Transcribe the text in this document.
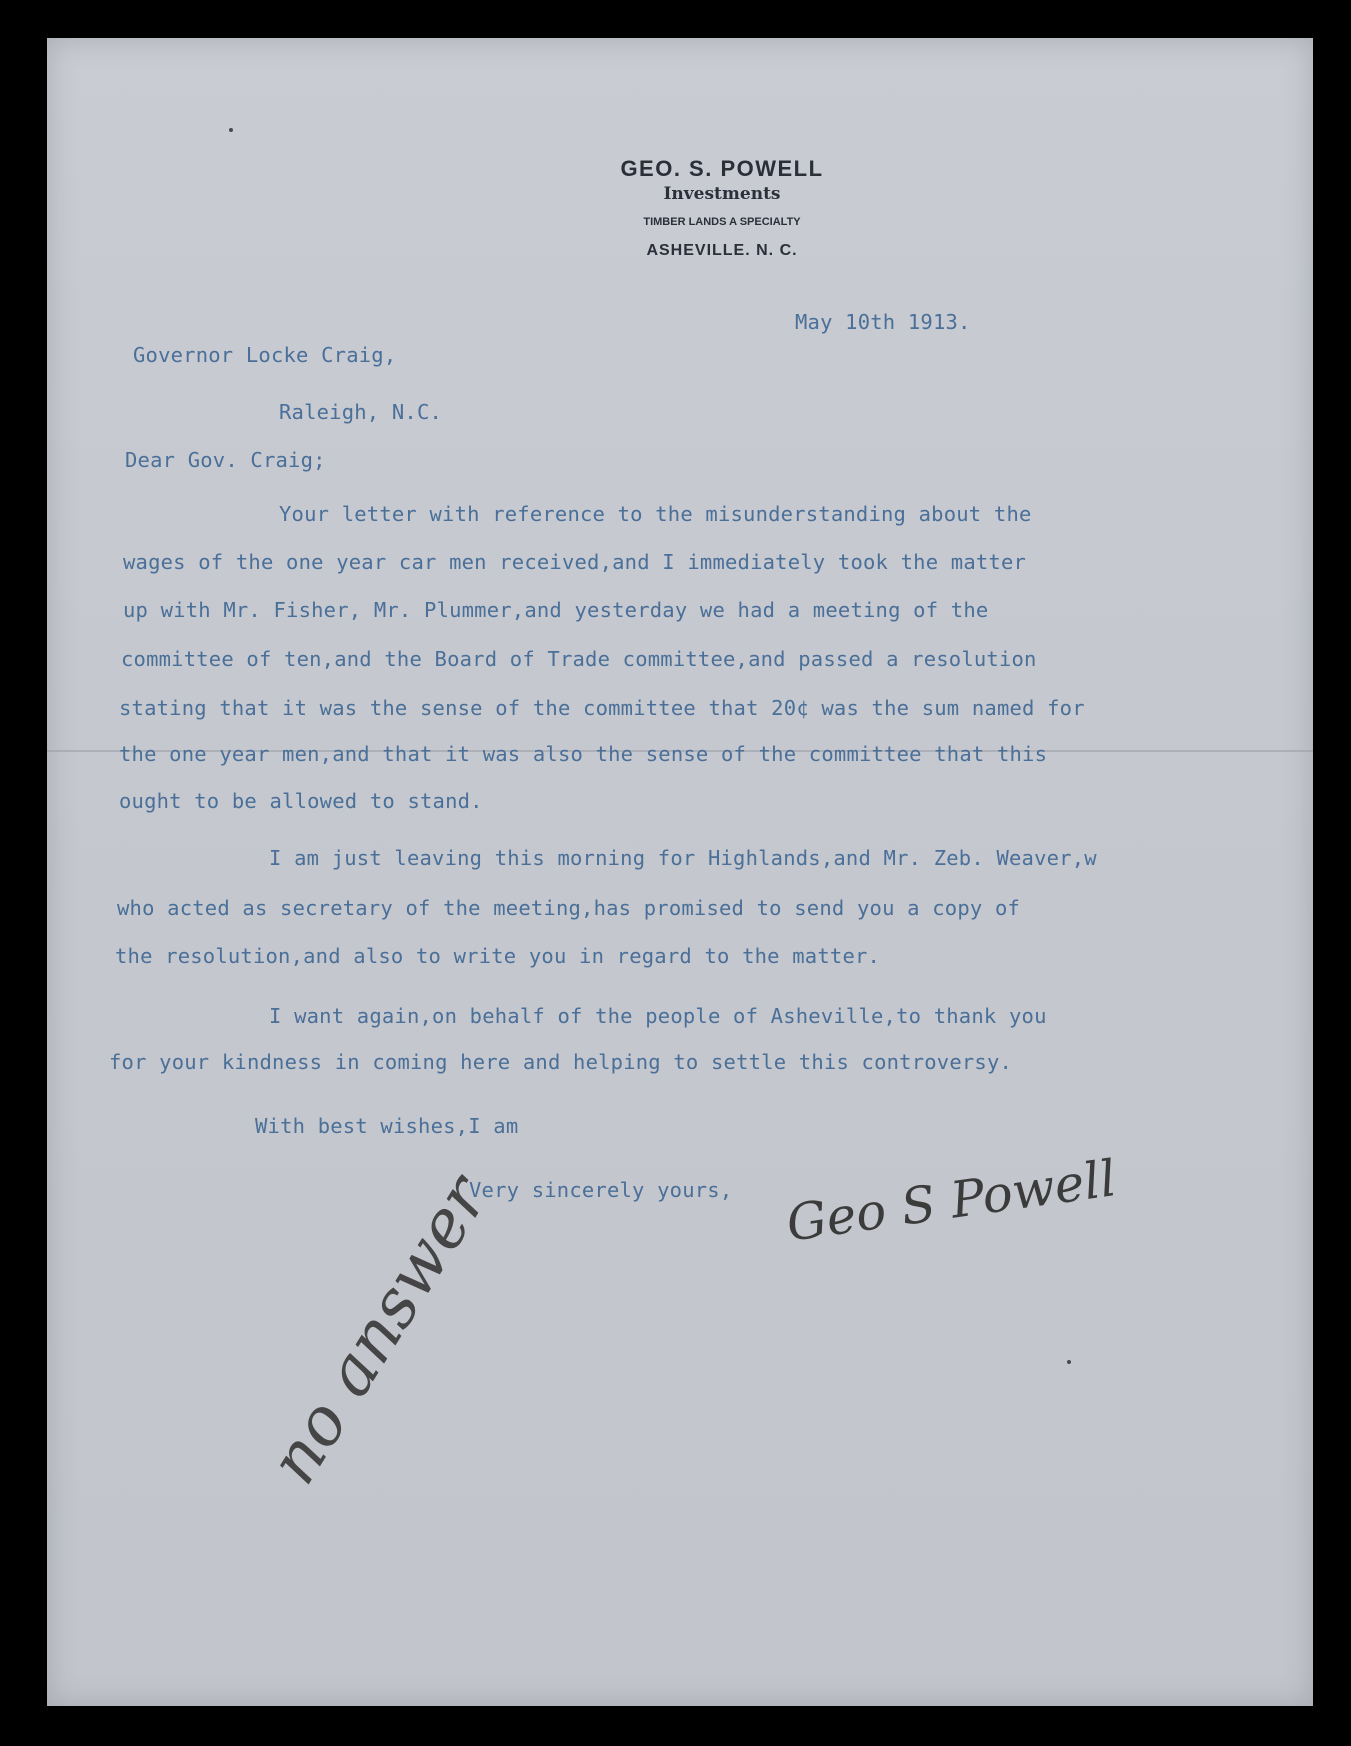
GEO. S. POWELL
Investments
TIMBER LANDS A SPECIALTY
ASHEVILLE. N. C.
May 10th 1913.
Governor Locke Craig,
Raleigh, N.C.
Dear Gov. Craig;
Your letter with reference to the misunderstanding about the
wages of the one year car men received,and I immediately took the matter
up with Mr. Fisher, Mr. Plummer,and yesterday we had a meeting of the
committee of ten,and the Board of Trade committee,and passed a resolution
stating that it was the sense of the committee that 20¢ was the sum named for
the one year men,and that it was also the sense of the committee that this
ought to be allowed to stand.
I am just leaving this morning for Highlands,and Mr. Zeb. Weaver,w
who acted as secretary of the meeting,has promised to send you a copy of
the resolution,and also to write you in regard to the matter.
I want again,on behalf of the people of Asheville,to thank you
for your kindness in coming here and helping to settle this controversy.
With best wishes,I am
Very sincerely yours, Geo S Powell
no answer
